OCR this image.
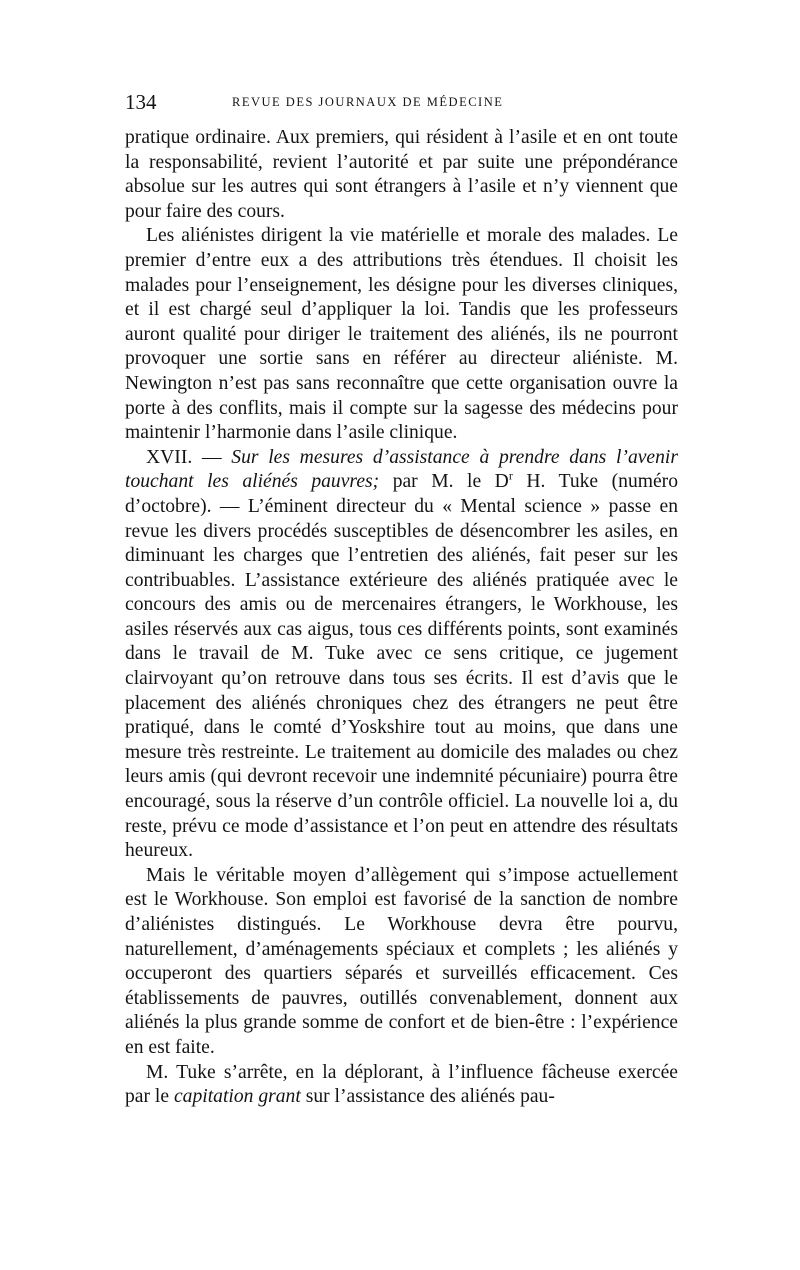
134	REVUE DES JOURNAUX DE MÉDECINE

pratique ordinaire. Aux premiers, qui résident à l’asile et en ont toute la responsabilité, revient l’autorité et par suite une prépondérance absolue sur les autres qui sont étrangers à l’asile et n’y viennent que pour faire des cours.

Les aliénistes dirigent la vie matérielle et morale des malades. Le premier d’entre eux a des attributions très étendues. Il choisit les malades pour l’enseignement, les désigne pour les diverses cliniques, et il est chargé seul d’appliquer la loi. Tandis que les professeurs auront qualité pour diriger le traitement des aliénés, ils ne pourront provoquer une sortie sans en référer au directeur aliéniste. M. Newington n’est pas sans reconnaître que cette organisation ouvre la porte à des conflits, mais il compte sur la sagesse des médecins pour maintenir l’harmonie dans l’asile clinique.

XVII. — Sur les mesures d’assistance à prendre dans l’avenir touchant les aliénés pauvres; par M. le $D^r$ H. Tuke (numéro d’octobre). — L’éminent directeur du « Mental science » passe en revue les divers procédés susceptibles de désencombrer les asiles, en diminuant les charges que l’entretien des aliénés, fait peser sur les contribuables. L’assistance extérieure des aliénés pratiquée avec le concours des amis ou de mercenaires étrangers, le Workhouse, les asiles réservés aux cas aigus, tous ces différents points, sont examinés dans le travail de M. Tuke avec ce sens critique, ce jugement clairvoyant qu’on retrouve dans tous ses écrits. Il est d’avis que le placement des aliénés chroniques chez des étrangers ne peut être pratiqué, dans le comté d’Yoskshire tout au moins, que dans une mesure très restreinte. Le traitement au domicile des malades ou chez leurs amis (qui devront recevoir une indemnité pécuniaire) pourra être encouragé, sous la réserve d’un contrôle officiel. La nouvelle loi a, du reste, prévu ce mode d’assistance et l’on peut en attendre des résultats heureux.

Mais le véritable moyen d’allègement qui s’impose actuellement est le Workhouse. Son emploi est favorisé de la sanction de nombre d’aliénistes distingués. Le Workhouse devra être pourvu, naturellement, d’aménagements spéciaux et complets ; les aliénés y occuperont des quartiers séparés et surveillés efficacement. Ces établissements de pauvres, outillés convenablement, donnent aux aliénés la plus grande somme de confort et de bien-être : l’expérience en est faite.

M. Tuke s’arrête, en la déplorant, à l’influence fâcheuse exercée par le capitation grant sur l’assistance des aliénés pau-
